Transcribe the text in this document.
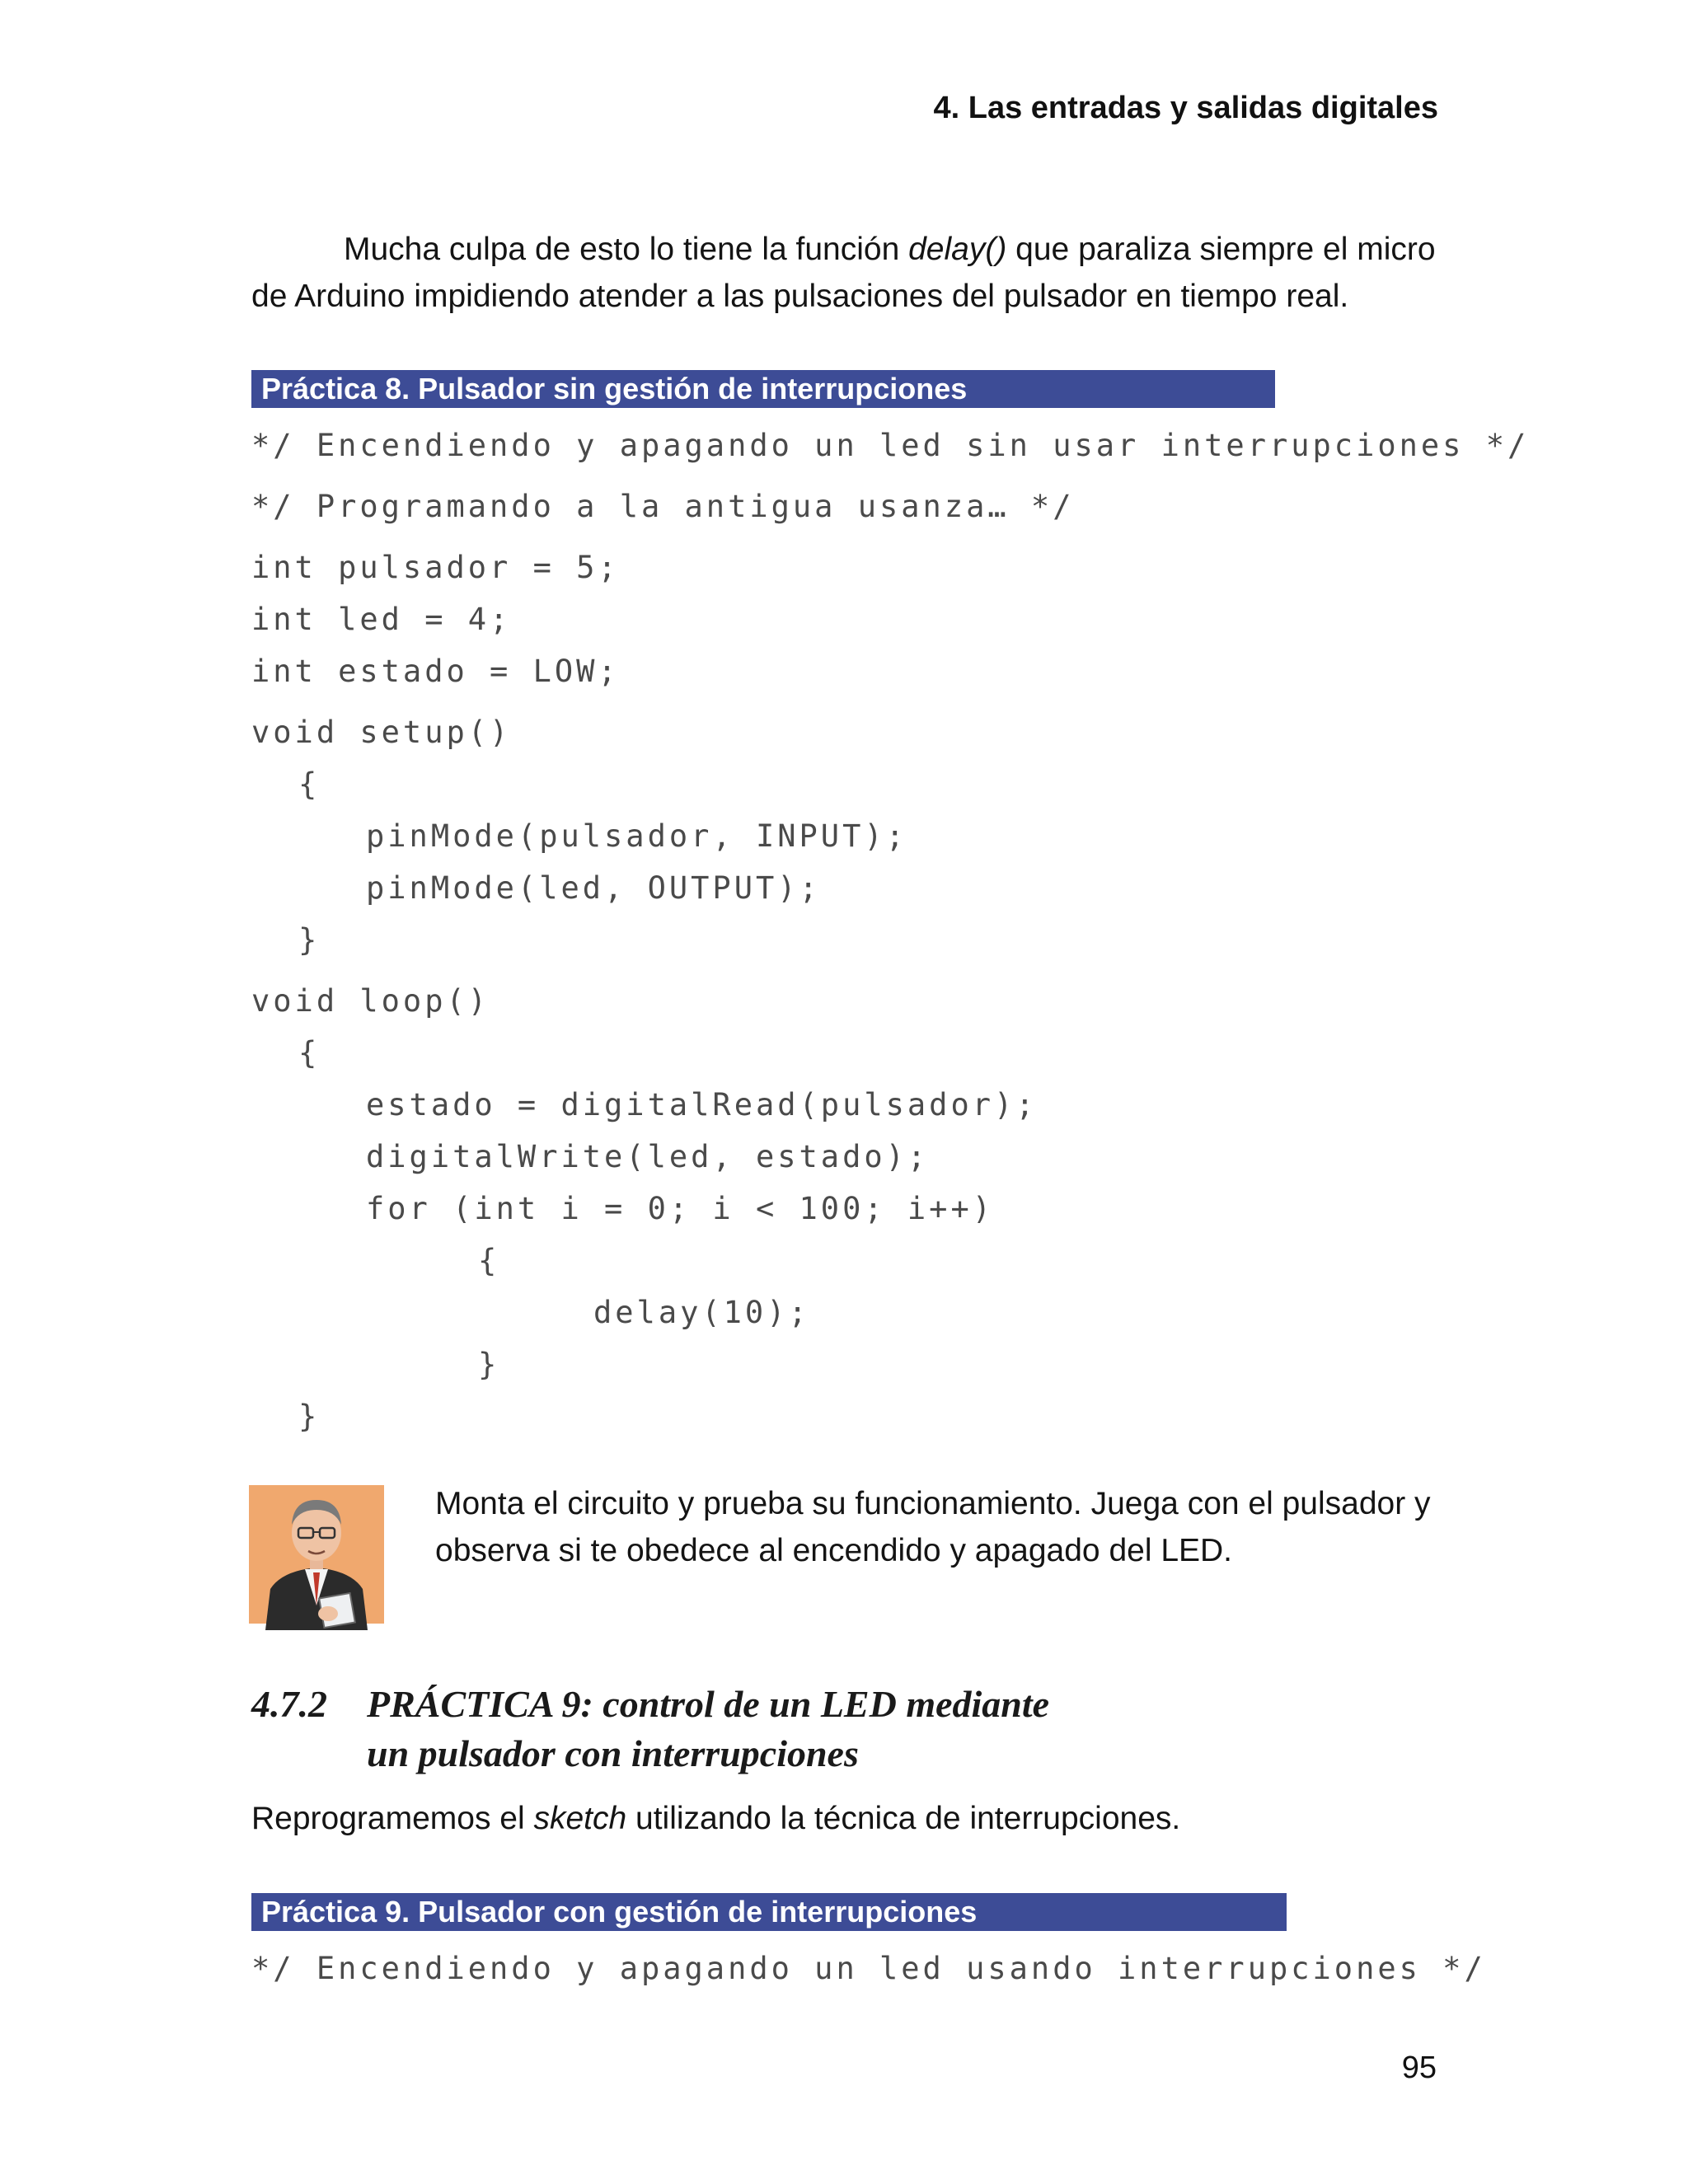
4. Las entradas y salidas digitales

Mucha culpa de esto lo tiene la función delay() que paraliza siempre el micro de Arduino impidiendo atender a las pulsaciones del pulsador en tiempo real.

Práctica 8. Pulsador sin gestión de interrupciones
*/ Encendiendo y apagando un led sin usar interrupciones */
*/ Programando a la antigua usanza… */
int pulsador = 5;
int led = 4;
int estado = LOW;
void setup()
{
pinMode(pulsador, INPUT);
pinMode(led, OUTPUT);
}
void loop()
{
estado = digitalRead(pulsador);
digitalWrite(led, estado);
for (int i = 0; i < 100; i++)
{
delay(10);
}
}
Monta el circuito y prueba su funcionamiento. Juega con el pulsador y observa si te obedece al encendido y apagado del LED.
4.7.2 PRÁCTICA 9: control de un LED mediante
un pulsador con interrupciones

Reprogramemos el sketch utilizando la técnica de interrupciones.

Práctica 9. Pulsador con gestión de interrupciones
*/ Encendiendo y apagando un led usando interrupciones */
95
